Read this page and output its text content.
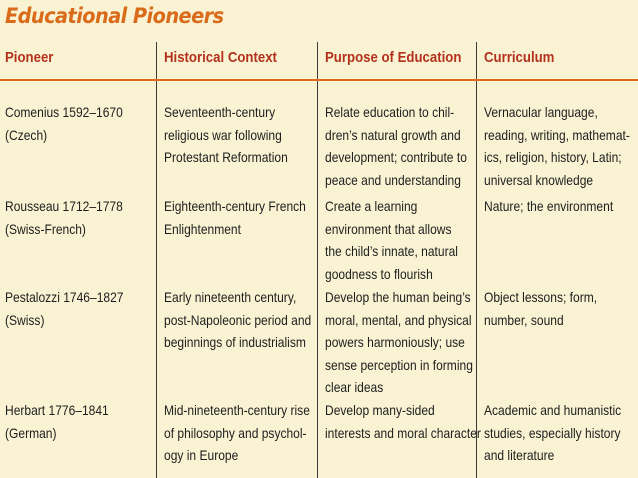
Educational Pioneers
Pioneer	Historical Context	Purpose of Education Curriculum
Comenius 1592–1670
(Czech)
Seventeenth-century
religious war following
Protestant Reformation
Relate education to chil-
dren’s natural growth and
development; contribute to
peace and understanding
Vernacular language,
reading, writing, mathemat-
ics, religion, history, Latin;
universal knowledge
Rousseau 1712–1778
(Swiss-French)
Eighteenth-century French
Enlightenment
Create a learning
environment that allows
the child’s innate, natural
goodness to flourish
Nature; the environment
Pestalozzi 1746–1827
(Swiss)
Early nineteenth century,
post-Napoleonic period and
beginnings of industrialism
Develop the human being’s
moral, mental, and physical
powers harmoniously; use
sense perception in forming
clear ideas
Object lessons; form,
number, sound
Herbart 1776–1841
(German)
Mid-nineteenth-century rise
of philosophy and psychol-
ogy in Europe
Develop many-sided
interests and moral character
Academic and humanistic
studies, especially history
and literature
